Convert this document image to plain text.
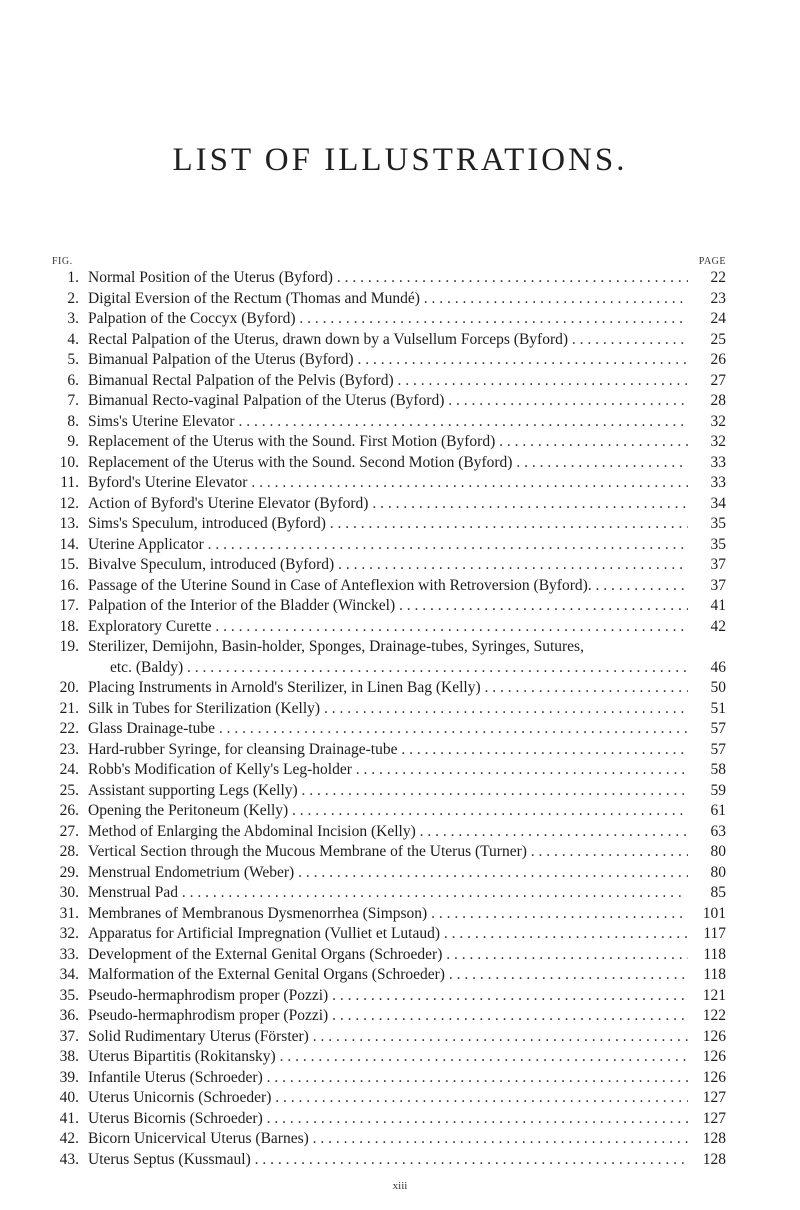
LIST OF ILLUSTRATIONS.
FIG.	PAGE
1. Normal Position of the Uterus (Byford) . . .	22
2. Digital Eversion of the Rectum (Thomas and Mundé) . . .	23
3. Palpation of the Coccyx (Byford) . . .	24
4. Rectal Palpation of the Uterus, drawn down by a Vulsellum Forceps (Byford) . . .	25
5. Bimanual Palpation of the Uterus (Byford) . . .	26
6. Bimanual Rectal Palpation of the Pelvis (Byford) . . .	27
7. Bimanual Recto-vaginal Palpation of the Uterus (Byford) . . .	28
8. Sims's Uterine Elevator . . .	32
9. Replacement of the Uterus with the Sound. First Motion (Byford) . . .	32
10. Replacement of the Uterus with the Sound. Second Motion (Byford) . . .	33
11. Byford's Uterine Elevator . . .	33
12. Action of Byford's Uterine Elevator (Byford) . . .	34
13. Sims's Speculum, introduced (Byford) . . .	35
14. Uterine Applicator . . .	35
15. Bivalve Speculum, introduced (Byford) . . .	37
16. Passage of the Uterine Sound in Case of Anteflexion with Retroversion (Byford). . . .	37
17. Palpation of the Interior of the Bladder (Winckel) . . .	41
18. Exploratory Curette . . .	42
19. Sterilizer, Demijohn, Basin-holder, Sponges, Drainage-tubes, Syringes, Sutures,
etc. (Baldy) . . .	46
20. Placing Instruments in Arnold's Sterilizer, in Linen Bag (Kelly) . . .	50
21. Silk in Tubes for Sterilization (Kelly) . . .	51
22. Glass Drainage-tube . . .	57
23. Hard-rubber Syringe, for cleansing Drainage-tube . . .	57
24. Robb's Modification of Kelly's Leg-holder . . .	58
25. Assistant supporting Legs (Kelly) . . .	59
26. Opening the Peritoneum (Kelly) . . .	61
27. Method of Enlarging the Abdominal Incision (Kelly) . . .	63
28. Vertical Section through the Mucous Membrane of the Uterus (Turner) . . .	80
29. Menstrual Endometrium (Weber) . . .	80
30. Menstrual Pad . . .	85
31. Membranes of Membranous Dysmenorrhea (Simpson) . . .	101
32. Apparatus for Artificial Impregnation (Vulliet et Lutaud) . . .	117
33. Development of the External Genital Organs (Schroeder) . . .	118
34. Malformation of the External Genital Organs (Schroeder) . . .	118
35. Pseudo-hermaphrodism proper (Pozzi) . . .	121
36. Pseudo-hermaphrodism proper (Pozzi) . . .	122
37. Solid Rudimentary Uterus (Förster) . . .	126
38. Uterus Bipartitis (Rokitansky) . . .	126
39. Infantile Uterus (Schroeder) . . .	126
40. Uterus Unicornis (Schroeder) . . .	127
41. Uterus Bicornis (Schroeder) . . .	127
42. Bicorn Unicervical Uterus (Barnes) . . .	128
43. Uterus Septus (Kussmaul) . . .	128
xiii
